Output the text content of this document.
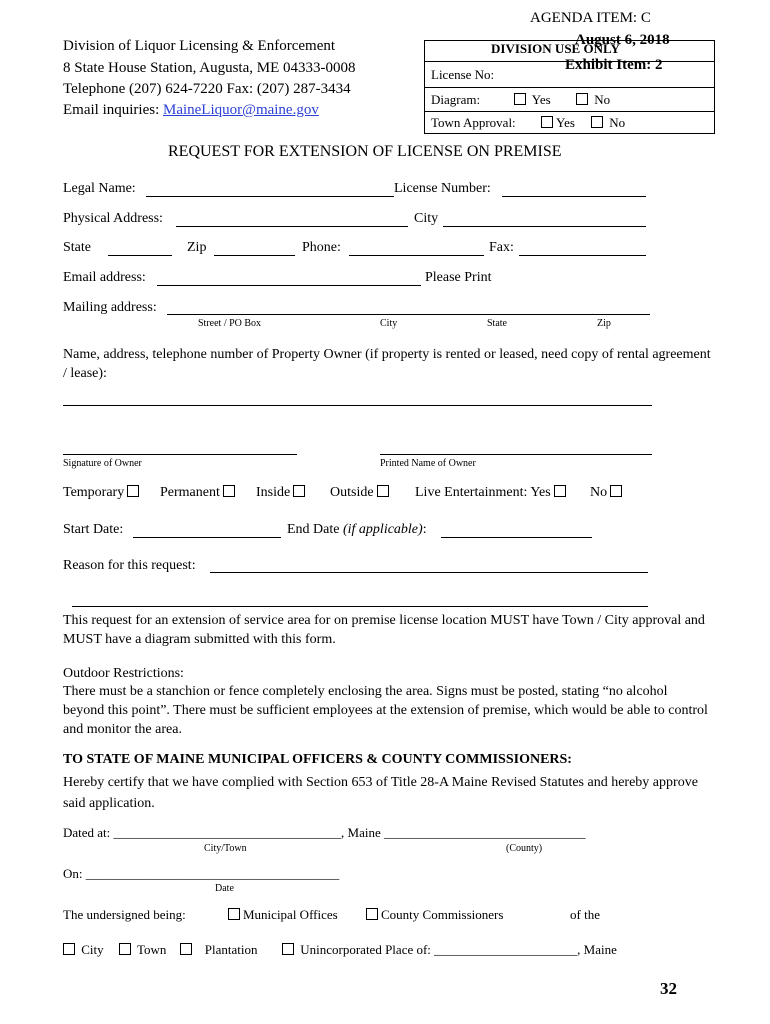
AGENDA ITEM: C
August 6, 2018
Exhibit Item: 2
Division of Liquor Licensing & Enforcement
8 State House Station, Augusta, ME 04333-0008
Telephone (207) 624-7220 Fax: (207) 287-3434
Email inquiries: MaineLiquor@maine.gov
DIVISION USE ONLY
License No:
Diagram:	Yes	No
Town Approval:	Yes	No
REQUEST FOR EXTENSION OF LICENSE ON PREMISE
Legal Name:	License Number:
Physical Address:	City
State	Zip	Phone:	Fax:
Email address:	Please Print
Mailing address:
Street / PO Box	City	State	Zip
Name, address, telephone number of Property Owner (if property is rented or leased, need copy of rental agreement / lease):
Signature of Owner	Printed Name of Owner
Temporary	Permanent	Inside	Outside	Live Entertainment: Yes	No
Start Date:	End Date (if applicable):
Reason for this request:
This request for an extension of service area for on premise license location MUST have Town / City approval and MUST have a diagram submitted with this form.
Outdoor Restrictions:
There must be a stanchion or fence completely enclosing the area. Signs must be posted, stating “no alcohol beyond this point”. There must be sufficient employees at the extension of premise, which would be able to control and monitor the area.
TO STATE OF MAINE MUNICIPAL OFFICERS & COUNTY COMMISSIONERS:
Hereby certify that we have complied with Section 653 of Title 28-A Maine Revised Statutes and hereby approve said application.
Dated at: ___________________________________, Maine _______________________________
City/Town	(County)
On: _______________________________________
Date
The undersigned being:	Municipal Offices	County Commissioners	of the
City	Town	Plantation	Unincorporated Place of: ______________________, Maine
32
